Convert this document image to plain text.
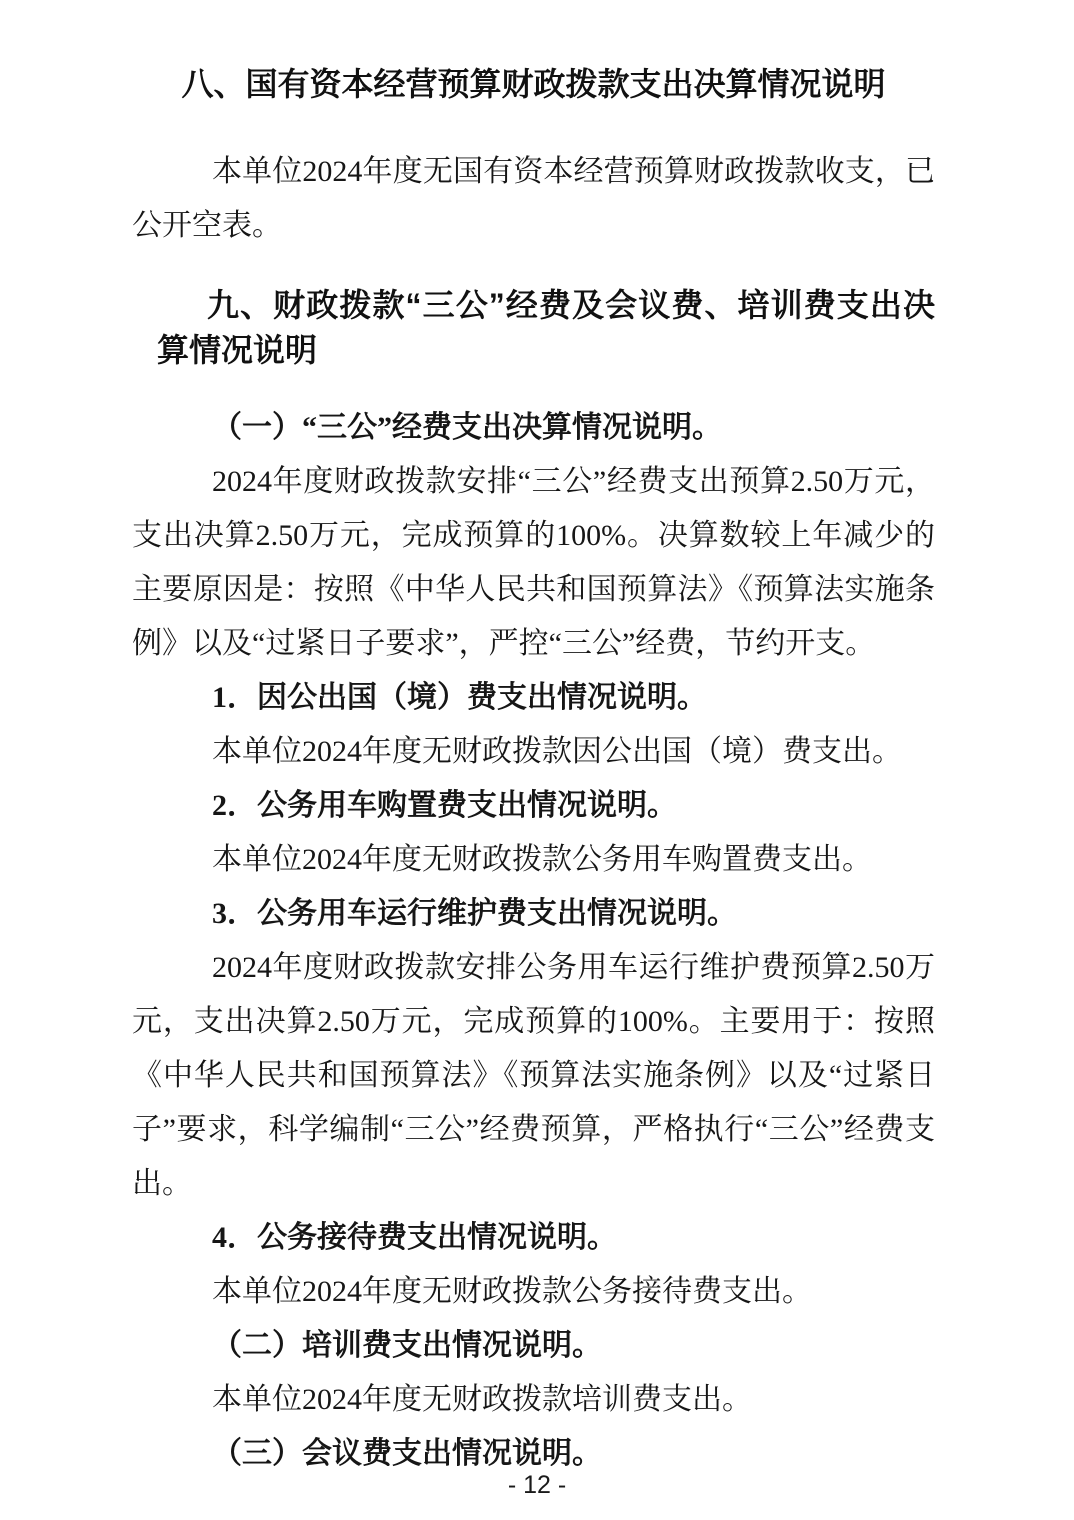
八、国有资本经营预算财政拨款支出决算情况说明

本单位2024年度无国有资本经营预算财政拨款收支，已公开空表。

九、财政拨款“三公”经费及会议费、培训费支出决算情况说明

（一）“三公”经费支出决算情况说明。

2024年度财政拨款安排“三公”经费支出预算2.50万元，支出决算2.50万元，完成预算的100%。决算数较上年减少的主要原因是：按照《中华人民共和国预算法》《预算法实施条例》以及“过紧日子要求”，严控“三公”经费，节约开支。

1．因公出国（境）费支出情况说明。

本单位2024年度无财政拨款因公出国（境）费支出。

2．公务用车购置费支出情况说明。

本单位2024年度无财政拨款公务用车购置费支出。

3．公务用车运行维护费支出情况说明。

2024年度财政拨款安排公务用车运行维护费预算2.50万元，支出决算2.50万元，完成预算的100%。主要用于：按照《中华人民共和国预算法》《预算法实施条例》以及“过紧日子”要求，科学编制“三公”经费预算，严格执行“三公”经费支出。

4．公务接待费支出情况说明。

本单位2024年度无财政拨款公务接待费支出。

（二）培训费支出情况说明。

本单位2024年度无财政拨款培训费支出。

（三）会议费支出情况说明。

- 12 -
